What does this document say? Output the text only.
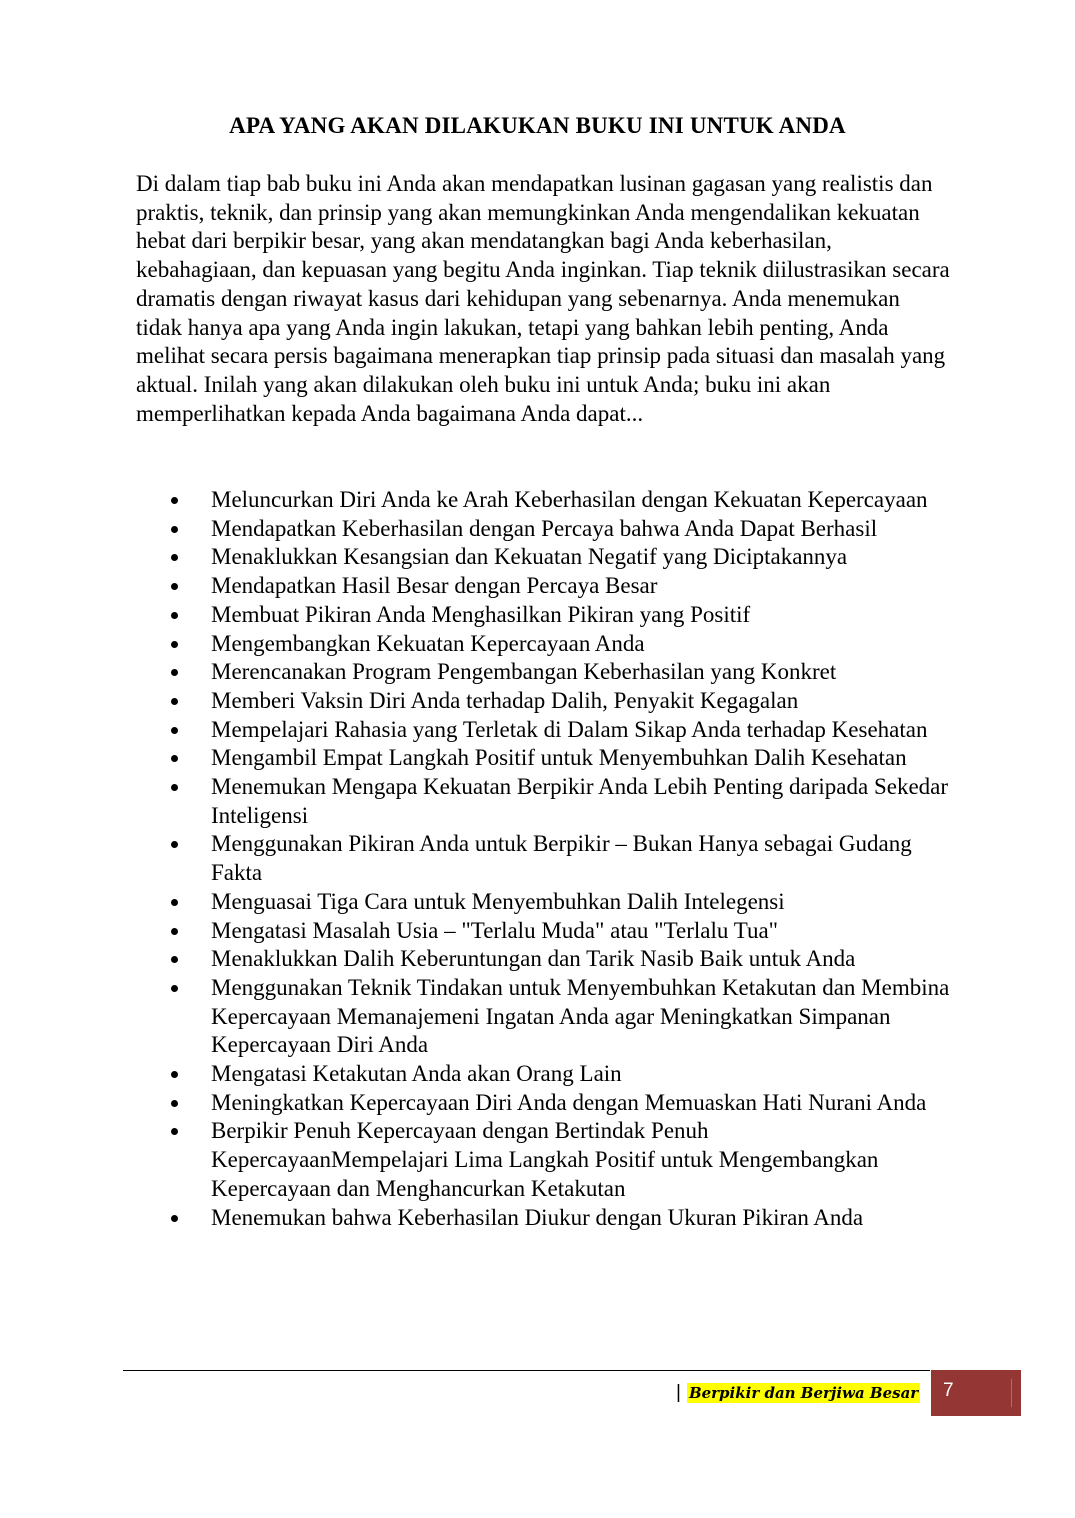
APA YANG AKAN DILAKUKAN BUKU INI UNTUK ANDA

Di dalam tiap bab buku ini Anda akan mendapatkan lusinan gagasan yang realistis dan praktis, teknik, dan prinsip yang akan memungkinkan Anda mengendalikan kekuatan hebat dari berpikir besar, yang akan mendatangkan bagi Anda keberhasilan, kebahagiaan, dan kepuasan yang begitu Anda inginkan. Tiap teknik diilustrasikan secara dramatis dengan riwayat kasus dari kehidupan yang sebenarnya. Anda menemukan tidak hanya apa yang Anda ingin lakukan, tetapi yang bahkan lebih penting, Anda melihat secara persis bagaimana menerapkan tiap prinsip pada situasi dan masalah yang aktual. Inilah yang akan dilakukan oleh buku ini untuk Anda; buku ini akan memperlihatkan kepada Anda bagaimana Anda dapat...

Meluncurkan Diri Anda ke Arah Keberhasilan dengan Kekuatan Kepercayaan
Mendapatkan Keberhasilan dengan Percaya bahwa Anda Dapat Berhasil
Menaklukkan Kesangsian dan Kekuatan Negatif yang Diciptakannya
Mendapatkan Hasil Besar dengan Percaya Besar
Membuat Pikiran Anda Menghasilkan Pikiran yang Positif
Mengembangkan Kekuatan Kepercayaan Anda
Merencanakan Program Pengembangan Keberhasilan yang Konkret
Memberi Vaksin Diri Anda terhadap Dalih, Penyakit Kegagalan
Mempelajari Rahasia yang Terletak di Dalam Sikap Anda terhadap Kesehatan
Mengambil Empat Langkah Positif untuk Menyembuhkan Dalih Kesehatan
Menemukan Mengapa Kekuatan Berpikir Anda Lebih Penting daripada Sekedar Inteligensi
Menggunakan Pikiran Anda untuk Berpikir – Bukan Hanya sebagai Gudang Fakta
Menguasai Tiga Cara untuk Menyembuhkan Dalih Intelegensi
Mengatasi Masalah Usia – "Terlalu Muda" atau "Terlalu Tua"
Menaklukkan Dalih Keberuntungan dan Tarik Nasib Baik untuk Anda
Menggunakan Teknik Tindakan untuk Menyembuhkan Ketakutan dan Membina Kepercayaan Memanajemeni Ingatan Anda agar Meningkatkan Simpanan Kepercayaan Diri Anda
Mengatasi Ketakutan Anda akan Orang Lain
Meningkatkan Kepercayaan Diri Anda dengan Memuaskan Hati Nurani Anda
Berpikir Penuh Kepercayaan dengan Bertindak Penuh KepercayaanMempelajari Lima Langkah Positif untuk Mengembangkan Kepercayaan dan Menghancurkan Ketakutan
Menemukan bahwa Keberhasilan Diukur dengan Ukuran Pikiran Anda
| Berpikir dan Berjiwa Besar 7
